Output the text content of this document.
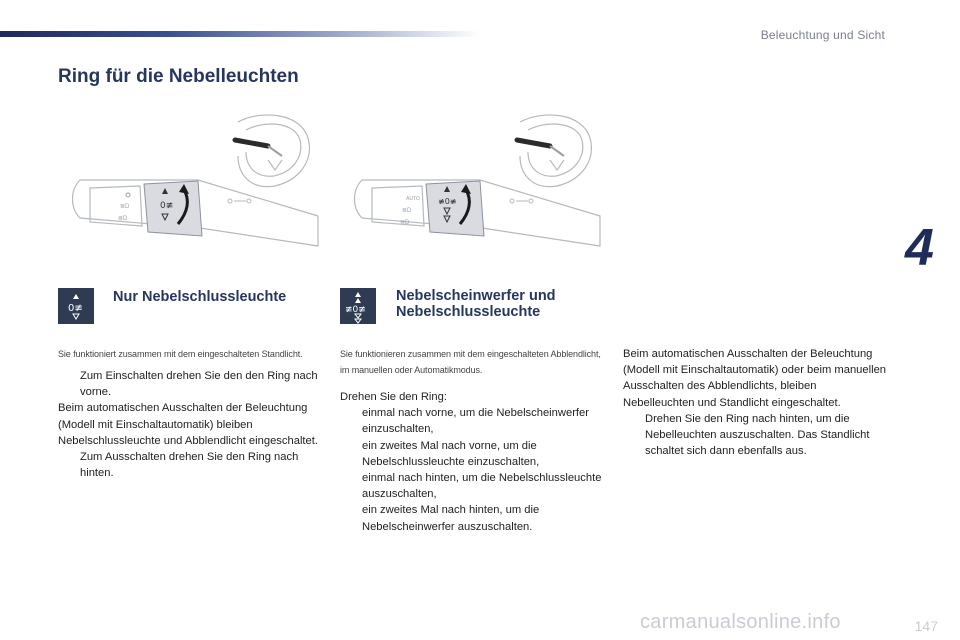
Beleuchtung und Sicht
Ring für die Nebelleuchten
4
≣D
≣D
0≢
AUTO
≣D
≣D
≢0≢
0≢
Nur Nebelschlussleuchte
Sie funktioniert zusammen mit dem eingeschalteten Standlicht.

Zum Einschalten drehen Sie den den Ring nach vorne.

Beim automatischen Ausschalten der Beleuchtung (Modell mit Einschaltautomatik) bleiben Nebelschlussleuchte und Abblendlicht eingeschaltet.

Zum Ausschalten drehen Sie den Ring nach hinten.

≢0≢
Nebelscheinwerfer und
Nebelschlussleuchte
Sie funktionieren zusammen mit dem eingeschalteten Abblendlicht, im manuellen oder Automatikmodus.

Drehen Sie den Ring:

einmal nach vorne, um die Nebelscheinwerfer einzuschalten,

ein zweites Mal nach vorne, um die Nebelschlussleuchte einzuschalten,

einmal nach hinten, um die Nebelschlussleuchte auszuschalten,

ein zweites Mal nach hinten, um die Nebelscheinwerfer auszuschalten.

Beim automatischen Ausschalten der Beleuchtung (Modell mit Einschaltautomatik) oder beim manuellen Ausschalten des Abblendlichts, bleiben Nebelleuchten und Standlicht eingeschaltet.

Drehen Sie den Ring nach hinten, um die Nebelleuchten auszuschalten. Das Standlicht schaltet sich dann ebenfalls aus.

carmanualsonline.info	147
